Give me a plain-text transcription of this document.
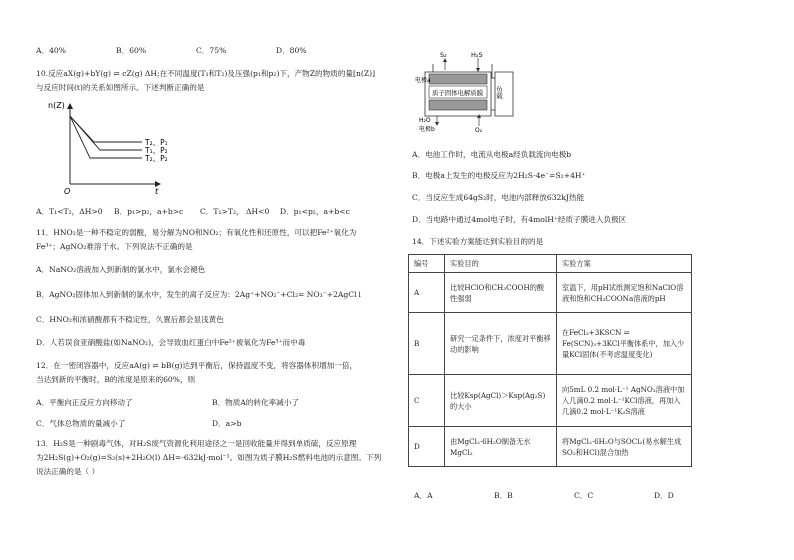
A．40%	B．60%	C．75%	D．80%
10.反应aX(g)+bY(g) ⇌ cZ(g) ΔH;在不同温度(T₁和T₂)及压强(p₁和p₂)下，产物Z的物质的量[n(Z)]
与反应时间(t)的关系如图所示。下述判断正确的是
n(Z)
t
O
T₂、P₁
T₁、P₂
T₂、P₂
A．T₁<T₂，ΔH>0	B．p₁>p₂，a+b>c	C．T₁>T₂， ΔH<0	D．p₁<p₂，a+b<c
11．HNO₂是一种不稳定的弱酸，易分解为NO和NO₂；有氧化性和还原性，可以把Fe²⁺氧化为
Fe³⁺；AgNO₂难溶于水。下列说法不正确的是
A．NaNO₂溶液加入到新制的氯水中，氯水会褪色
B．AgNO₂固体加入到新制的氯水中，发生的离子反应为：2Ag⁺+NO₂⁻+Cl₂= NO₃⁻+2AgCl↓
C．HNO₂和浓硝酸都有不稳定性，久置后都会显浅黄色
D．人若误食亚硝酸盐(如NaNO₂)，会导致血红蛋白中Fe²⁺被氧化为Fe³⁺而中毒
12．在一密闭容器中，反应aA(g) ⇌ bB(g)达到平衡后，保持温度不变，将容器体积增加一倍，
当达到新的平衡时，B的浓度是原来的60%，则
A．平衡向正反应方向移动了	B．物质A的转化率减小了
C．气体总物质的量减小了	D．a>b
13．H₂S是一种剧毒气体，对H₂S废气资源化利用途径之一是回收能量并得到单质硫，反应原理
为2H₂S(g)+O₂(g)=S₂(s)+2H₂O(l) ΔH=-632kJ·mol⁻¹。如图为质子膜H₂S燃料电池的示意图。下列
说法正确的是（ ）
S₂	H₂S
质子固体电解质膜
电极a
负载
H₂O
电极b	O₂
A．电池工作时，电流从电极a经负载流向电极b
B．电极a上发生的电极反应为2H₂S-4e⁻=S₂+4H⁺
C．当反应生成64gS₂时，电池内部释放632kJ热能
D．当电路中通过4mol电子时，有4molH⁺经质子膜进入负极区
14．下述实验方案能达到实验目的的是
编号	实验目的	实验方案
A	比较HClO和CH₃COOH的酸性强弱	室温下，用pH试纸测定饱和NaClO溶液和饱和CH₃COONa溶液的pH
B	研究一定条件下，浓度对平衡移动的影响	在FeCl₃+3KSCN ⇌ Fe(SCN)₃+3KCl平衡体系中，加入少量KCl固体(不考虑温度变化)
C	比较Ksp(AgCl)＞Ksp(Ag₂S)的大小	向5mL 0.2 mol·L⁻¹ AgNO₃溶液中加入几滴0.2 mol·L⁻¹KCl溶液，再加入几滴0.2 mol·L⁻¹K₂S溶液
D	由MgCl₂·6H₂O制备无水MgCl₂	将MgCl₂·6H₂O与SOCl₂(易水解生成SO₂和HCl)混合加热
A．A	B．B	C．C	D．D
